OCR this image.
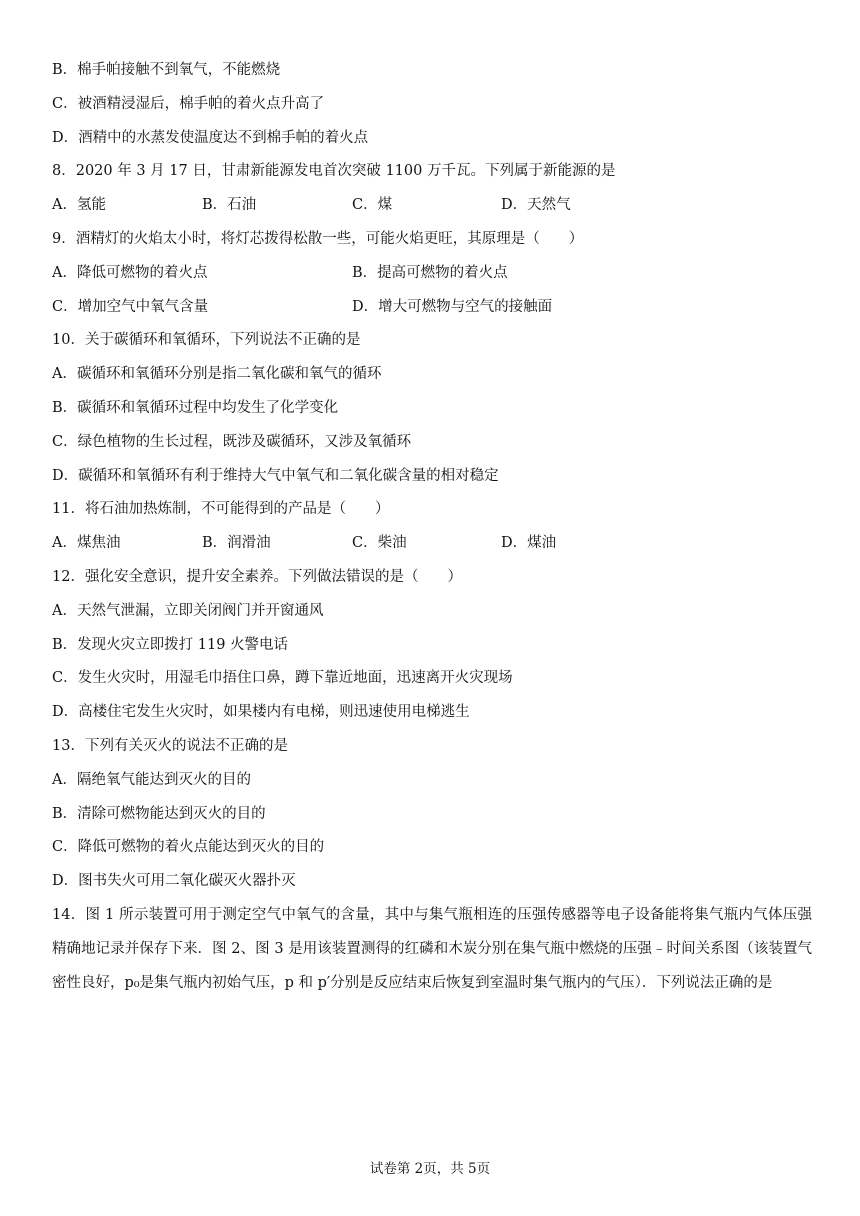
B．棉手帕接触不到氧气，不能燃烧
C．被酒精浸湿后，棉手帕的着火点升高了
D．酒精中的水蒸发使温度达不到棉手帕的着火点
8．2020 年 3 月 17 日，甘肃新能源发电首次突破 1100 万千瓦。下列属于新能源的是
A．氢能	B．石油	C．煤	D．天然气
9．酒精灯的火焰太小时，将灯芯拨得松散一些，可能火焰更旺，其原理是（　　）
A．降低可燃物的着火点	B．提高可燃物的着火点
C．增加空气中氧气含量	D．增大可燃物与空气的接触面
10．关于碳循环和氧循环，下列说法不正确的是
A．碳循环和氧循环分别是指二氧化碳和氧气的循环
B．碳循环和氧循环过程中均发生了化学变化
C．绿色植物的生长过程，既涉及碳循环，又涉及氧循环
D．碳循环和氧循环有利于维持大气中氧气和二氧化碳含量的相对稳定
11．将石油加热炼制，不可能得到的产品是（　　）
A．煤焦油	B．润滑油	C．柴油	D．煤油
12．强化安全意识，提升安全素养。下列做法错误的是（　　）
A．天然气泄漏，立即关闭阀门并开窗通风
B．发现火灾立即拨打 119 火警电话
C．发生火灾时，用湿毛巾捂住口鼻，蹲下靠近地面，迅速离开火灾现场
D．高楼住宅发生火灾时，如果楼内有电梯，则迅速使用电梯逃生
13．下列有关灭火的说法不正确的是
A．隔绝氧气能达到灭火的目的
B．清除可燃物能达到灭火的目的
C．降低可燃物的着火点能达到灭火的目的
D．图书失火可用二氧化碳灭火器扑灭
14．图 1 所示装置可用于测定空气中氧气的含量，其中与集气瓶相连的压强传感器等电子设备能将集气瓶内气体压强精确地记录并保存下来．图 2、图 3 是用该装置测得的红磷和木炭分别在集气瓶中燃烧的压强﹣时间关系图（该装置气密性良好，p₀是集气瓶内初始气压，p 和 p′分别是反应结束后恢复到室温时集气瓶内的气压）．下列说法正确的是
试卷第 2页，共 5页
